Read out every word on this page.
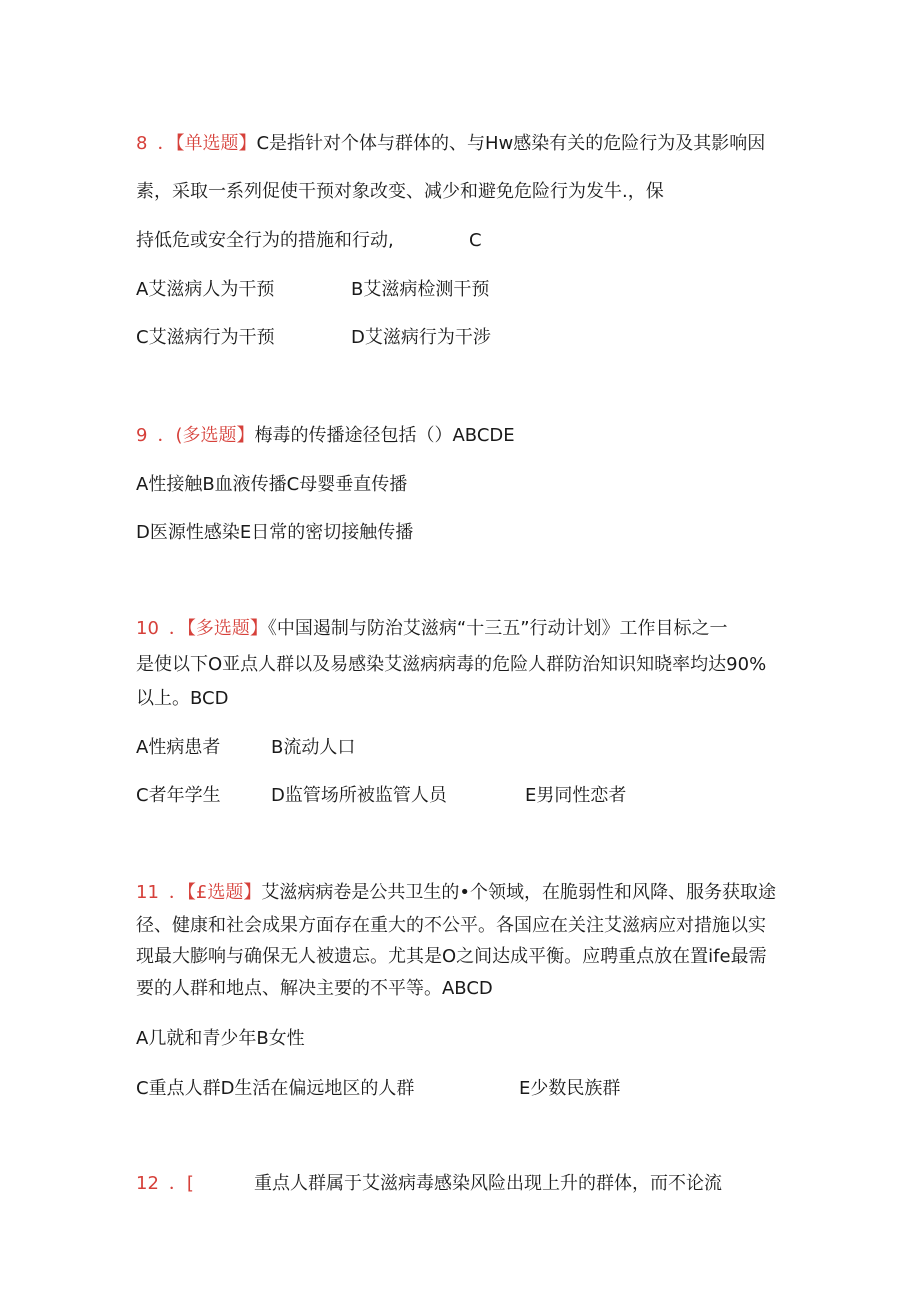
8 ．【单选题】C是指针对个体与群体的、与Hw感染有关的危险行为及其影响因
素，采取一系列促使干预对象改变、减少和避免危险行为发牛.，保
持低危或安全行为的措施和行动,	C
A艾滋病人为干预	B艾滋病检测干预
C艾滋病行为干预	D艾滋病行为干涉
9 ．(多选题】梅毒的传播途径包括（）ABCDE
A性接触B血液传播C母婴垂直传播
D医源性感染E日常的密切接触传播
10 ．【多选题】《中国遏制与防治艾滋病“十三五”行动计划》工作目标之一
是使以下O亚点人群以及易感染艾滋病病毒的危险人群防治知识知晓率均达90%
以上。BCD
A性病患者	B流动人口
C者年学生	D监管场所被监管人员	E男同性恋者
11 ．【£选题】艾滋病病卷是公共卫生的•个领域，在脆弱性和风降、服务获取途
径、健康和社会成果方面存在重大的不公平。各国应在关注艾滋病应对措施以实
现最大膨响与确保无人被遗忘。尤其是O之间达成平衡。应聘重点放在置ife最需
要的人群和地点、解决主要的不平等。ABCD
A几就和青少年B女性
C重点人群D生活在偏远地区的人群	E少数民族群
12 ．[	重点人群属于艾滋病毒感染风险出现上升的群体，而不论流
